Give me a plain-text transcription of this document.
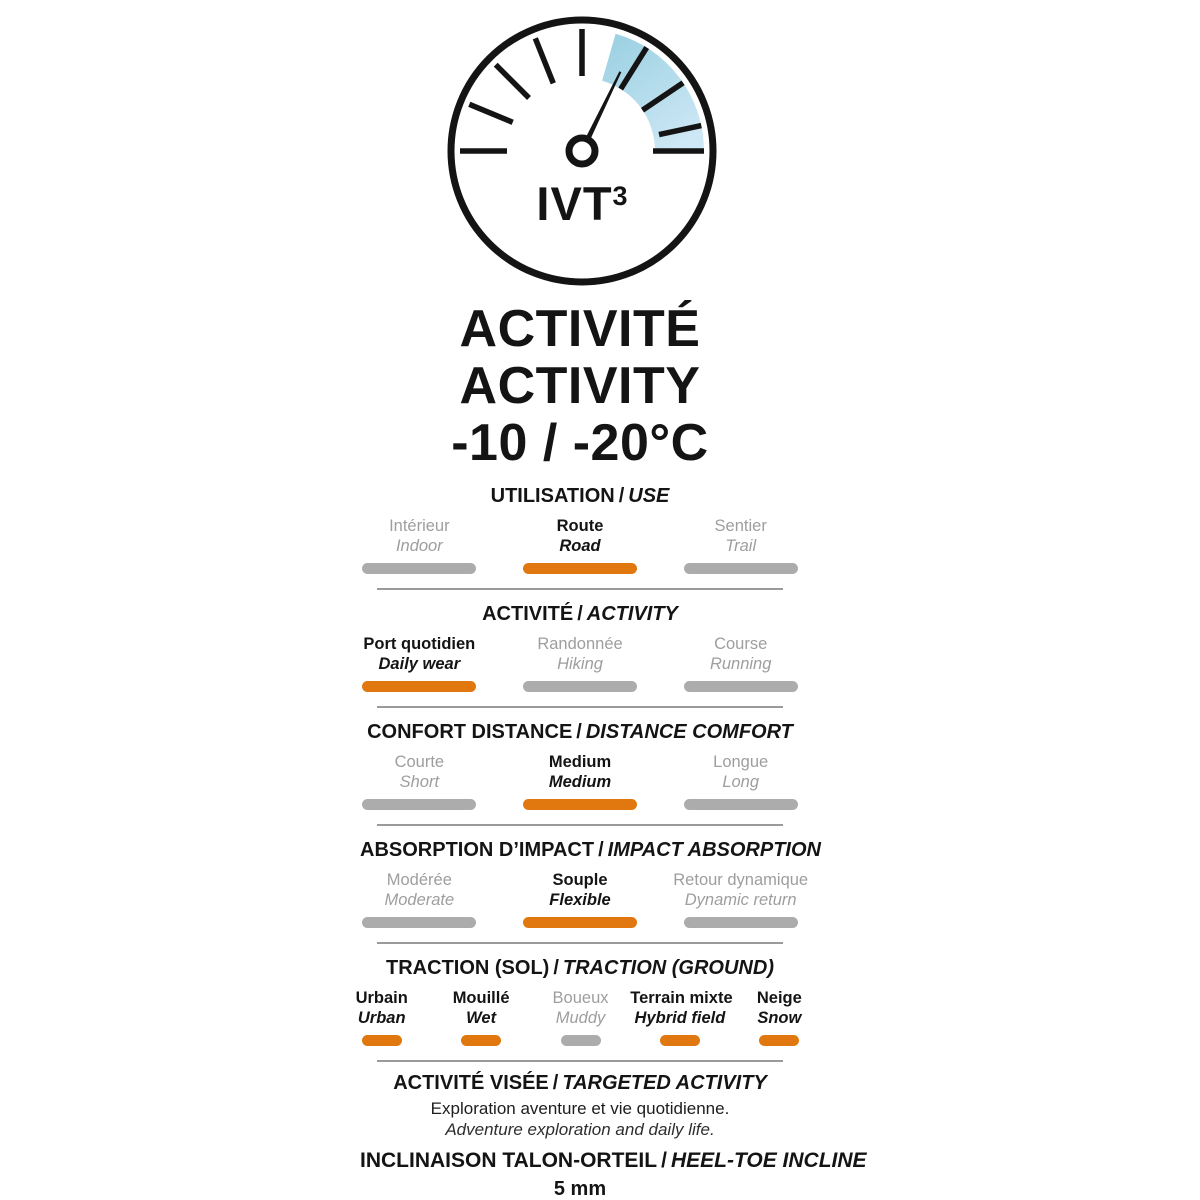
IVT$^3$
ACTIVITÉ
ACTIVITY
-10 / -20°C
UTILISATION / USE
Intérieur
Indoor
Route
Road
Sentier
Trail
ACTIVITÉ / ACTIVITY
Port quotidien
Daily wear
Randonnée
Hiking
Course
Running
CONFORT DISTANCE / DISTANCE COMFORT
Courte
Short
Medium
Medium
Longue
Long
ABSORPTION D’IMPACT / IMPACT ABSORPTION
Modérée
Moderate
Souple
Flexible
Retour dynamique
Dynamic return
TRACTION (SOL) / TRACTION (GROUND)
Urbain
Urban
Mouillé
Wet
Boueux
Muddy
Terrain mixte
Hybrid field
Neige
Snow
ACTIVITÉ VISÉE / TARGETED ACTIVITY
Exploration aventure et vie quotidienne.
Adventure exploration and daily life.
INCLINAISON TALON-ORTEIL / HEEL-TOE INCLINE
5 mm
